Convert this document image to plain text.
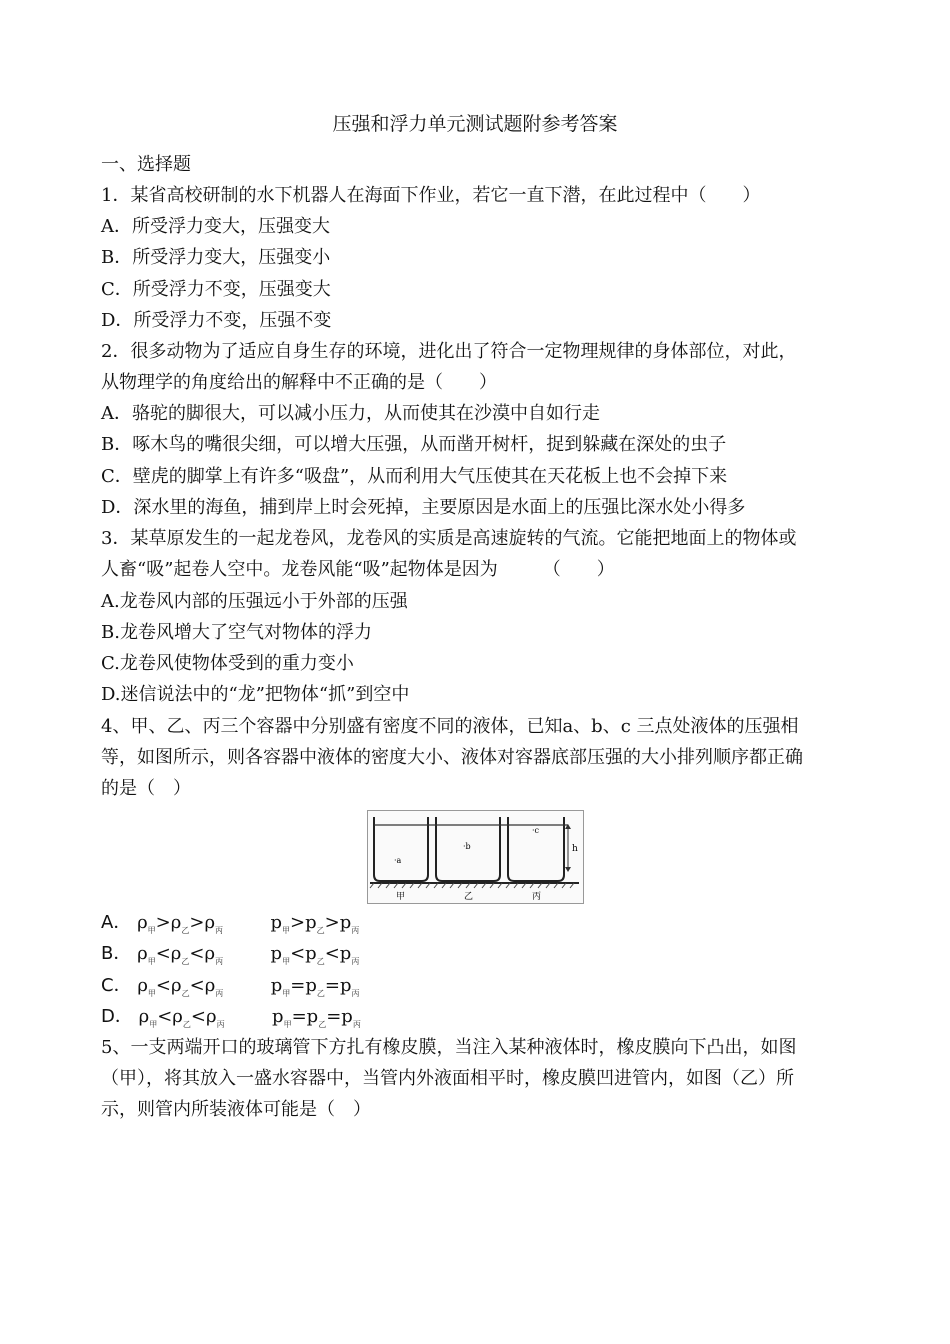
压强和浮力单元测试题附参考答案
一、选择题
1．某省高校研制的水下机器人在海面下作业，若它一直下潜，在此过程中（　　）
A．所受浮力变大，压强变大
B．所受浮力变大，压强变小
C．所受浮力不变，压强变大
D．所受浮力不变，压强不变
2．很多动物为了适应自身生存的环境，进化出了符合一定物理规律的身体部位，对此，
从物理学的角度给出的解释中不正确的是（　　）
A．骆驼的脚很大，可以减小压力，从而使其在沙漠中自如行走
B．啄木鸟的嘴很尖细，可以增大压强，从而凿开树杆，捉到躲藏在深处的虫子
C．壁虎的脚掌上有许多“吸盘”，从而利用大气压使其在天花板上也不会掉下来
D．深水里的海鱼，捕到岸上时会死掉，主要原因是水面上的压强比深水处小得多
3．某草原发生的一起龙卷风，龙卷风的实质是高速旋转的气流。它能把地面上的物体或
人畜“吸”起卷人空中。龙卷风能“吸”起物体是因为　　　（　　）
A.龙卷风内部的压强远小于外部的压强
B.龙卷风增大了空气对物体的浮力
C.龙卷风使物体受到的重力变小
D.迷信说法中的“龙”把物体“抓”到空中
4、甲、乙、丙三个容器中分别盛有密度不同的液体，已知a、b、c 三点处液体的压强相
等，如图所示，则各容器中液体的密度大小、液体对容器底部压强的大小排列顺序都正确
的是（　）
h
·a
·b
·c
甲	乙	丙
A． $\rho_甲>\rho_乙>\rho_丙$	$p_甲>p_乙>p_丙$
B． $\rho_甲<\rho_乙<\rho_丙$	$p_甲<p_乙<p_丙$
C． $\rho_甲<\rho_乙<\rho_丙$	$p_甲=p_乙=p_丙$
D． $\rho_甲<\rho_乙<\rho_丙$	$p_甲=p_乙=p_丙$
5、一支两端开口的玻璃管下方扎有橡皮膜，当注入某种液体时，橡皮膜向下凸出，如图
（甲），将其放入一盛水容器中，当管内外液面相平时，橡皮膜凹进管内，如图（乙）所
示，则管内所装液体可能是（　）
